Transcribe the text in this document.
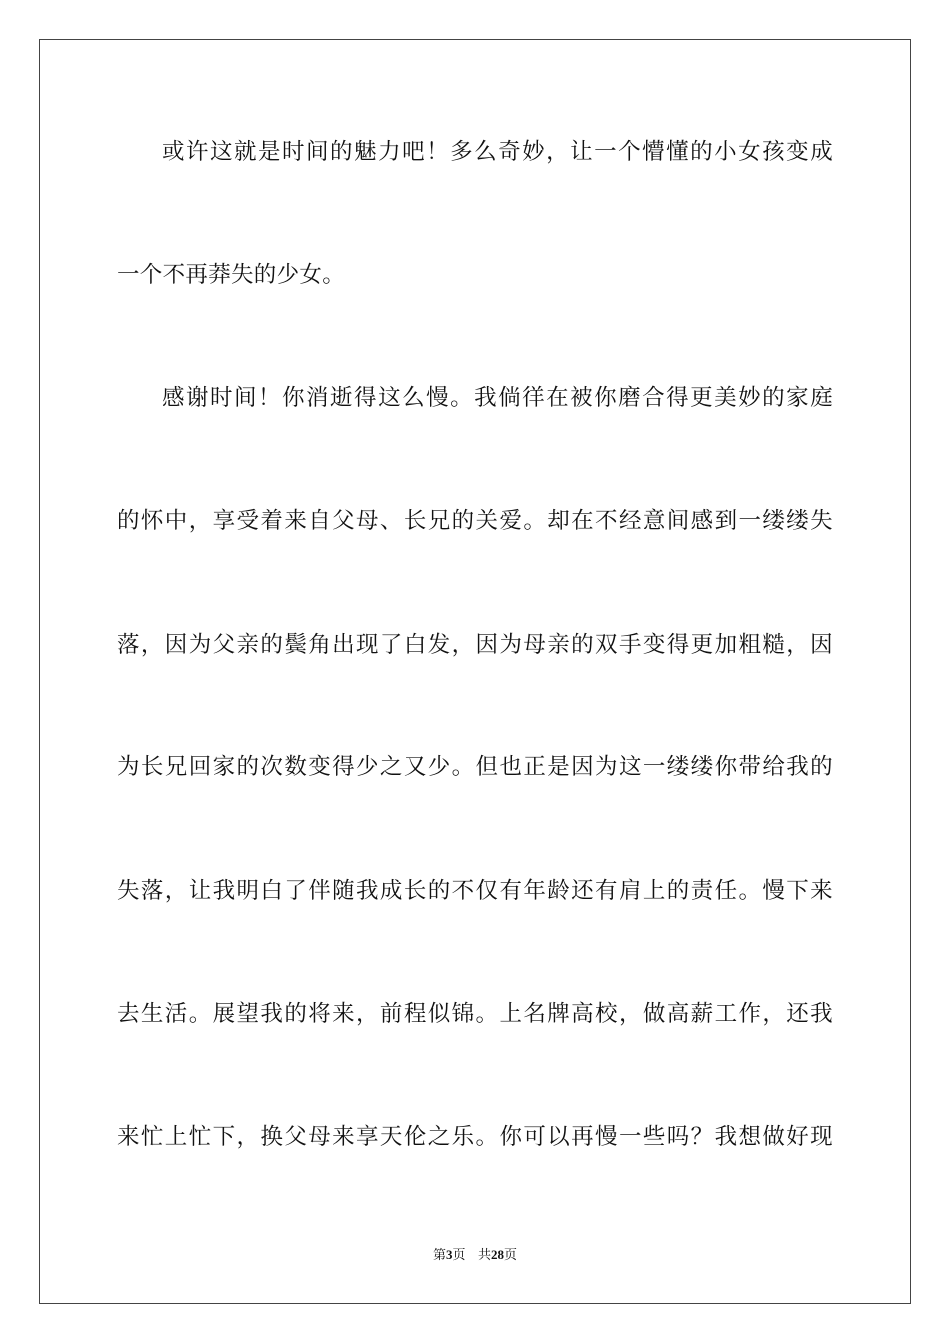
或许这就是时间的魅力吧！多么奇妙，让一个懵懂的小女孩变成
一个不再莽失的少女。
感谢时间！你消逝得这么慢。我倘徉在被你磨合得更美妙的家庭
的怀中，享受着来自父母、长兄的关爱。却在不经意间感到一缕缕失
落，因为父亲的鬓角出现了白发，因为母亲的双手变得更加粗糙，因
为长兄回家的次数变得少之又少。但也正是因为这一缕缕你带给我的
失落，让我明白了伴随我成长的不仅有年龄还有肩上的责任。慢下来
去生活。展望我的将来，前程似锦。上名牌高校，做高薪工作，还我
来忙上忙下，换父母来享天伦之乐。你可以再慢一些吗？我想做好现
第3页 共28页
